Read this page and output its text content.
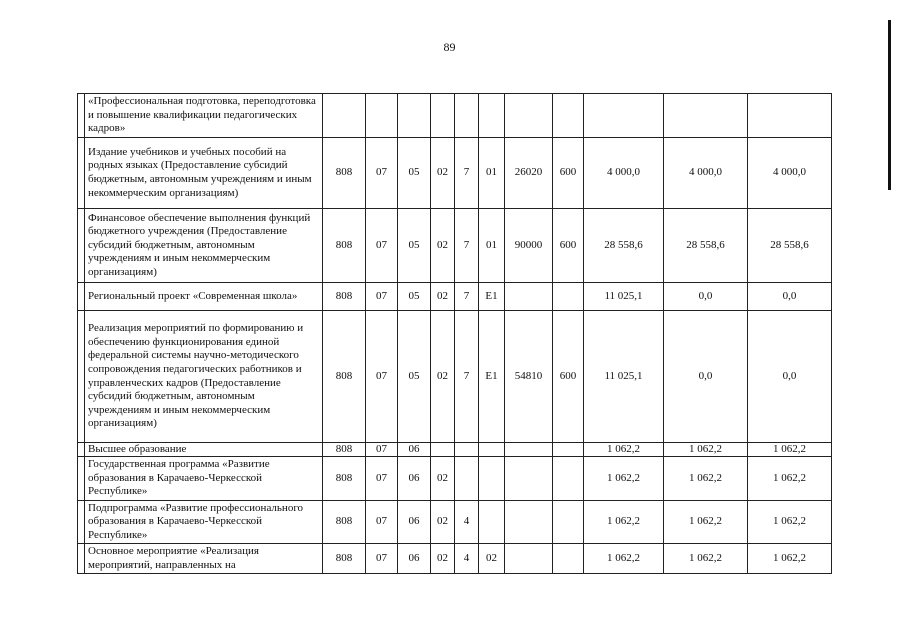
89
	«Профессиональная подготовка, переподготовка и повышение квалификации педагогических кадров»											
	Издание учебников и учебных пособий на родных языках (Предоставление субсидий бюджетным, автономным учреждениям и иным некоммерческим организациям)	808	07	05	02	7	01	26020	600	4 000,0	4 000,0	4 000,0
	Финансовое обеспечение выполнения функций бюджетного учреждения (Предоставление субсидий бюджетным, автономным учреждениям и иным некоммерческим организациям)	808	07	05	02	7	01	90000	600	28 558,6	28 558,6	28 558,6
	Региональный проект «Современная школа»	808	07	05	02	7	E1			11 025,1	0,0	0,0
	Реализация мероприятий по формированию и обеспечению функционирования единой федеральной системы научно-методического сопровождения педагогических работников и управленческих кадров (Предоставление субсидий бюджетным, автономным учреждениям и иным некоммерческим организациям)	808	07	05	02	7	E1	54810	600	11 025,1	0,0	0,0
	Высшее образование	808	07	06						1 062,2	1 062,2	1 062,2
	Государственная программа «Развитие образования в Карачаево-Черкесской Республике»	808	07	06	02					1 062,2	1 062,2	1 062,2
	Подпрограмма «Развитие профессионального образования в Карачаево-Черкесской Республике»	808	07	06	02	4				1 062,2	1 062,2	1 062,2
	Основное мероприятие «Реализация мероприятий, направленных на	808	07	06	02	4	02			1 062,2	1 062,2	1 062,2
